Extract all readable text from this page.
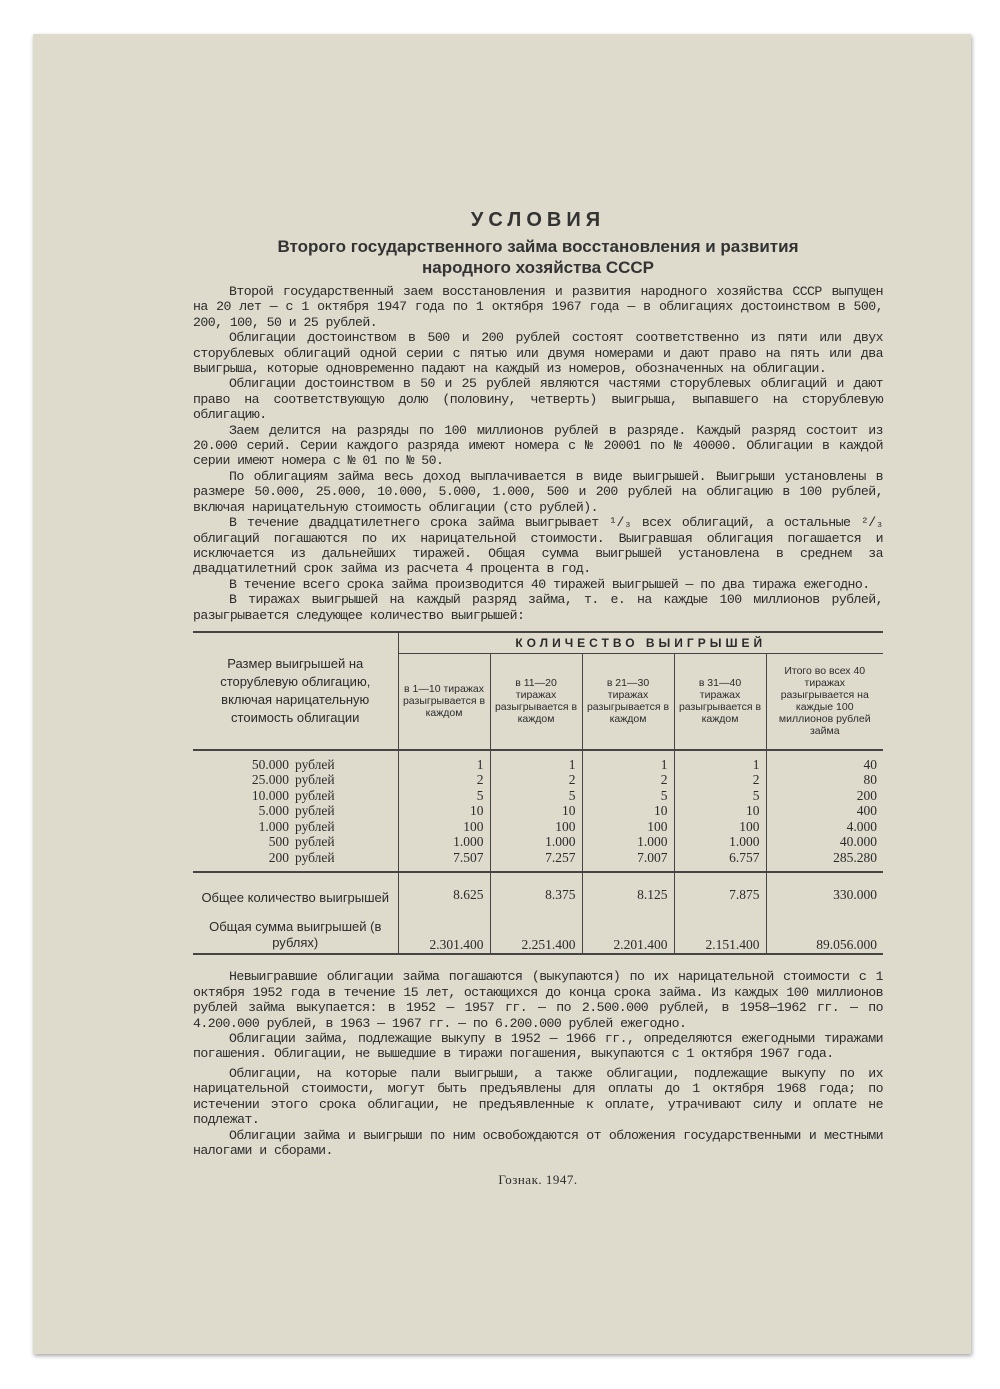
УСЛОВИЯ
Второго государственного займа восстановления и развития
народного хозяйства СССР

Второй государственный заем восстановления и развития народного хозяйства СССР выпущен на 20 лет — с 1 октября 1947 года по 1 октября 1967 года — в облигациях достоинством в 500, 200, 100, 50 и 25 рублей.

Облигации достоинством в 500 и 200 рублей состоят соответственно из пяти или двух сторублевых облигаций одной серии с пятью или двумя номерами и дают право на пять или два выигрыша, которые одновременно падают на каждый из номеров, обозначенных на облигации.

Облигации достоинством в 50 и 25 рублей являются частями сторублевых облигаций и дают право на соответствующую долю (половину, четверть) выигрыша, выпавшего на сторублевую облигацию.

Заем делится на разряды по 100 миллионов рублей в разряде. Каждый разряд состоит из 20.000 серий. Серии каждого разряда имеют номера с № 20001 по № 40000. Облигации в каждой серии имеют номера с № 01 по № 50.

По облигациям займа весь доход выплачивается в виде выигрышей. Выигрыши установлены в размере 50.000, 25.000, 10.000, 5.000, 1.000, 500 и 200 рублей на облигацию в 100 рублей, включая нарицательную стоимость облигации (сто рублей).

В течение двадцатилетнего срока займа выигрывает ¹/₃ всех облигаций, а остальные ²/₃ облигаций погашаются по их нарицательной стоимости. Выигравшая облигация погашается и исключается из дальнейших тиражей. Общая сумма выигрышей установлена в среднем за двадцатилетний срок займа из расчета 4 процента в год.

В течение всего срока займа производится 40 тиражей выигрышей — по два тиража ежегодно.

В тиражах выигрышей на каждый разряд займа, т. е. на каждые 100 миллионов рублей, разыгрывается следующее количество выигрышей:

Размер выигрышей на сторублевую облигацию, включая нарицательную стоимость облигации	КОЛИЧЕСТВО ВЫИГРЫШЕЙ				
	в 1—10 тиражах разыгрывается в каждом	в 11—20 тиражах разыгрывается в каждом	в 21—30 тиражах разыгрывается в каждом	в 31—40 тиражах разыгрывается в каждом	Итого во всех 40 тиражах разыгрывается на каждые 100 миллионов рублей займа
50.000 рублей	1	1	1	1	40
25.000 рублей	2	2	2	2	80
10.000 рублей	5	5	5	5	200
5.000 рублей	10	10	10	10	400
1.000 рублей	100	100	100	100	4.000
500 рублей	1.000	1.000	1.000	1.000	40.000
200 рублей	7.507	7.257	7.007	6.757	285.280
Общее количество выигрышей	8.625	8.375	8.125	7.875	330.000
Общая сумма выигрышей (в рублях)	2.301.400	2.251.400	2.201.400	2.151.400	89.056.000

Невыигравшие облигации займа погашаются (выкупаются) по их нарицательной стоимости с 1 октября 1952 года в течение 15 лет, остающихся до конца срока займа. Из каждых 100 миллионов рублей займа выкупается: в 1952 — 1957 гг. — по 2.500.000 рублей, в 1958—1962 гг. — по 4.200.000 рублей, в 1963 — 1967 гг. — по 6.200.000 рублей ежегодно.

Облигации займа, подлежащие выкупу в 1952 — 1966 гг., определяются ежегодными тиражами погашения. Облигации, не вышедшие в тиражи погашения, выкупаются с 1 октября 1967 года.

Облигации, на которые пали выигрыши, а также облигации, подлежащие выкупу по их нарицательной стоимости, могут быть предъявлены для оплаты до 1 октября 1968 года; по истечении этого срока облигации, не предъявленные к оплате, утрачивают силу и оплате не подлежат.

Облигации займа и выигрыши по ним освобождаются от обложения государственными и местными налогами и сборами.

Гознак. 1947.
